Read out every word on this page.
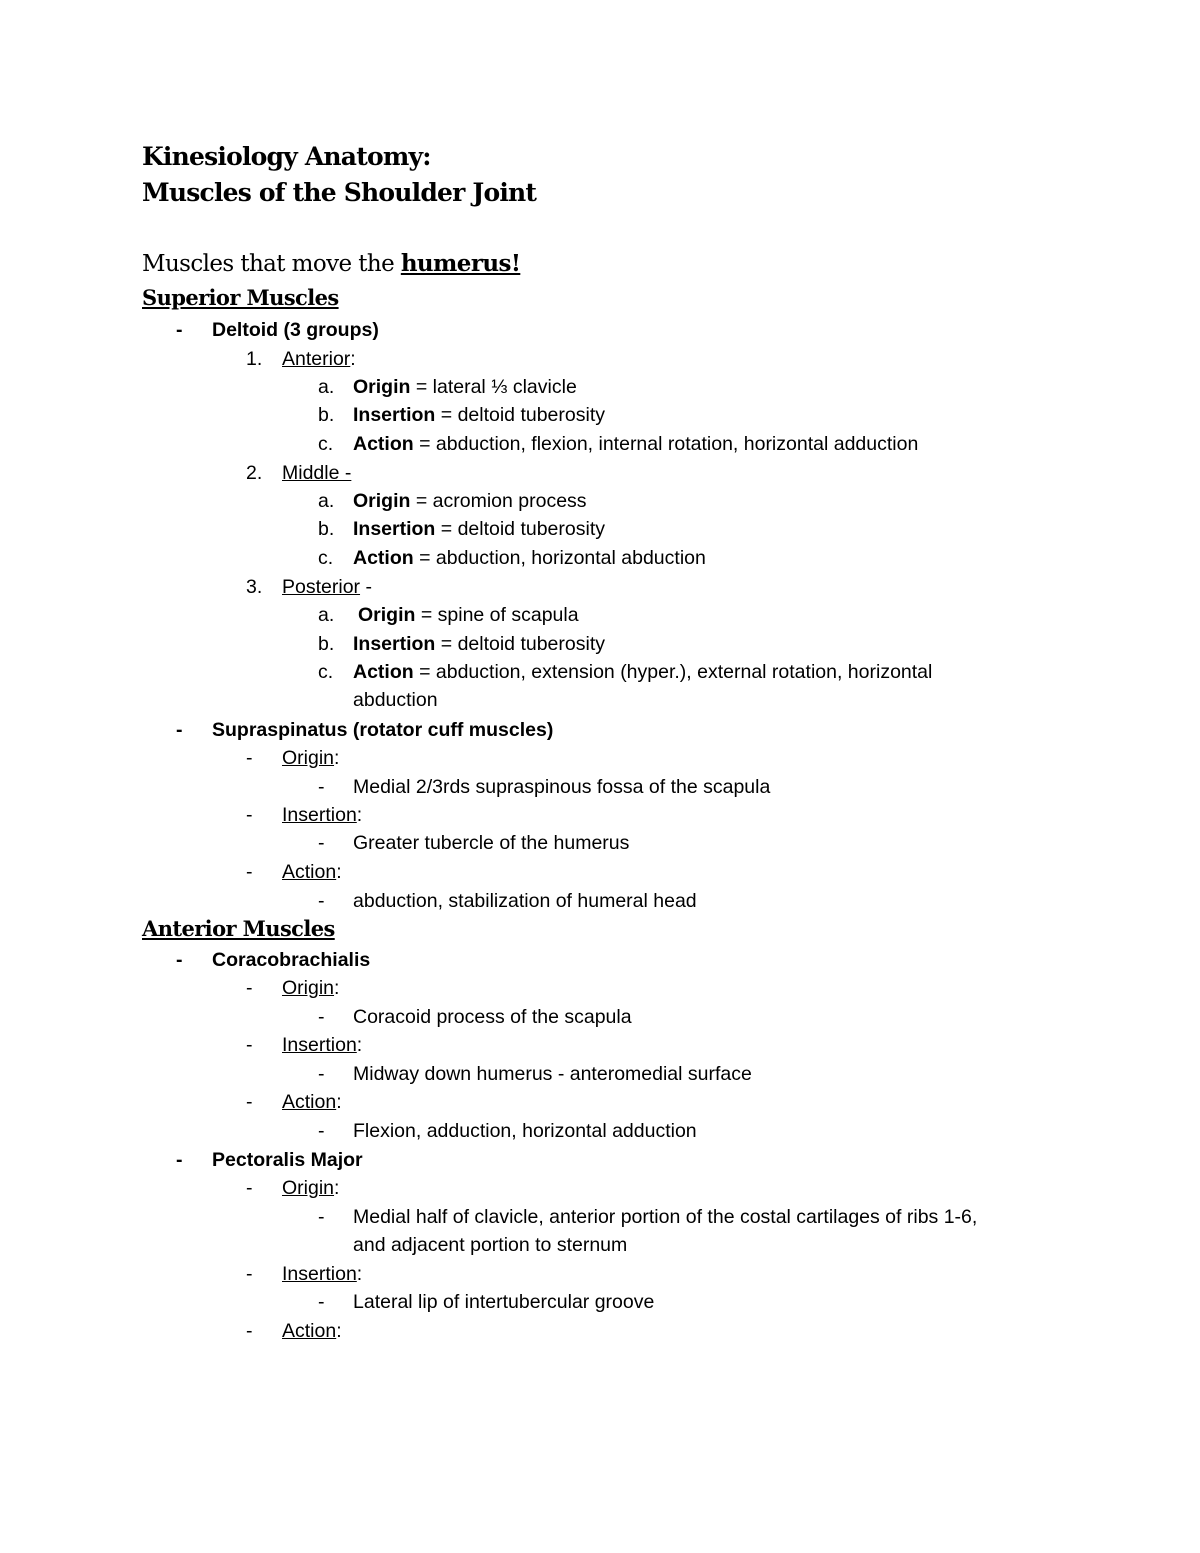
Kinesiology Anatomy:
Muscles of the Shoulder Joint
Muscles that move the humerus!
Superior Muscles
- Deltoid (3 groups)
1. Anterior:
a. Origin = lateral ⅓ clavicle
b. Insertion = deltoid tuberosity
c. Action = abduction, flexion, internal rotation, horizontal adduction
2. Middle -
a. Origin = acromion process
b. Insertion = deltoid tuberosity
c. Action = abduction, horizontal abduction
3. Posterior -
a. Origin = spine of scapula
b. Insertion = deltoid tuberosity
c. Action = abduction, extension (hyper.), external rotation, horizontal
abduction
- Supraspinatus (rotator cuff muscles)
- Origin:
- Medial 2/3rds supraspinous fossa of the scapula
- Insertion:
- Greater tubercle of the humerus
- Action:
- abduction, stabilization of humeral head
Anterior Muscles
- Coracobrachialis
- Origin:
- Coracoid process of the scapula
- Insertion:
- Midway down humerus - anteromedial surface
- Action:
- Flexion, adduction, horizontal adduction
- Pectoralis Major
- Origin:
- Medial half of clavicle, anterior portion of the costal cartilages of ribs 1-6,
and adjacent portion to sternum
- Insertion:
- Lateral lip of intertubercular groove
- Action:
